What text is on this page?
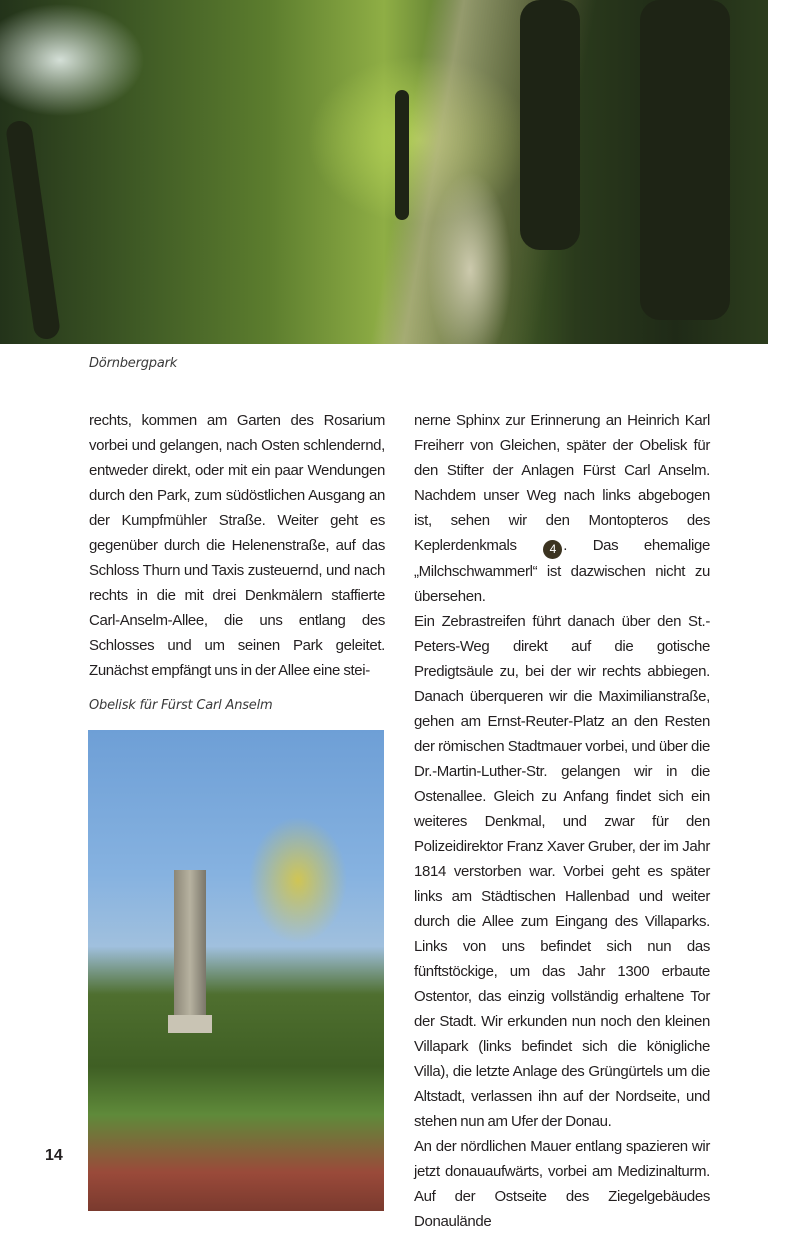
Dörnbergpark

rechts, kommen am Garten des Rosarium vorbei und gelangen, nach Osten schlendernd, entweder direkt, oder mit ein paar Wendungen durch den Park, zum südöstlichen Ausgang an der Kumpfmühler Straße. Weiter geht es gegenüber durch die Helenenstraße, auf das Schloss Thurn und Taxis zusteuernd, und nach rechts in die mit drei Denkmälern staffierte Carl-Anselm-Allee, die uns entlang des Schlosses und um seinen Park geleitet. Zunächst empfängt uns in der Allee eine stei-

Obelisk für Fürst Carl Anselm

nerne Sphinx zur Erinnerung an Heinrich Karl Freiherr von Gleichen, später der Obelisk für den Stifter der Anlagen Fürst Carl Anselm. Nachdem unser Weg nach links abgebogen ist, sehen wir den Montopteros des Keplerdenkmals	4 . Das ehemalige „Milchschwammerl“ ist dazwischen nicht zu übersehen.

Ein Zebrastreifen führt danach über den St.-Peters-Weg direkt auf die gotische Predigtsäule zu, bei der wir rechts abbiegen. Danach überqueren wir die Maximilianstraße, gehen am Ernst-Reuter-Platz an den Resten der römischen Stadtmauer vorbei, und über die Dr.-Martin-Luther-Str. gelangen wir in die Ostenallee. Gleich zu Anfang findet sich ein weiteres Denkmal, und zwar für den Polizeidirektor Franz Xaver Gruber, der im Jahr 1814 verstorben war. Vorbei geht es später links am Städtischen Hallenbad und weiter durch die Allee zum Eingang des Villaparks. Links von uns befindet sich nun das fünftstöckige, um das Jahr 1300 erbaute Ostentor, das einzig vollständig erhaltene Tor der Stadt. Wir erkunden nun noch den kleinen Villapark (links befindet sich die königliche Villa), die letzte Anlage des Grüngürtels um die Altstadt, verlassen ihn auf der Nordseite, und stehen nun am Ufer der Donau.

An der nördlichen Mauer entlang spazieren wir jetzt donauaufwärts, vorbei am Medizinalturm. Auf der Ostseite des Ziegelgebäudes Donaulände

14
